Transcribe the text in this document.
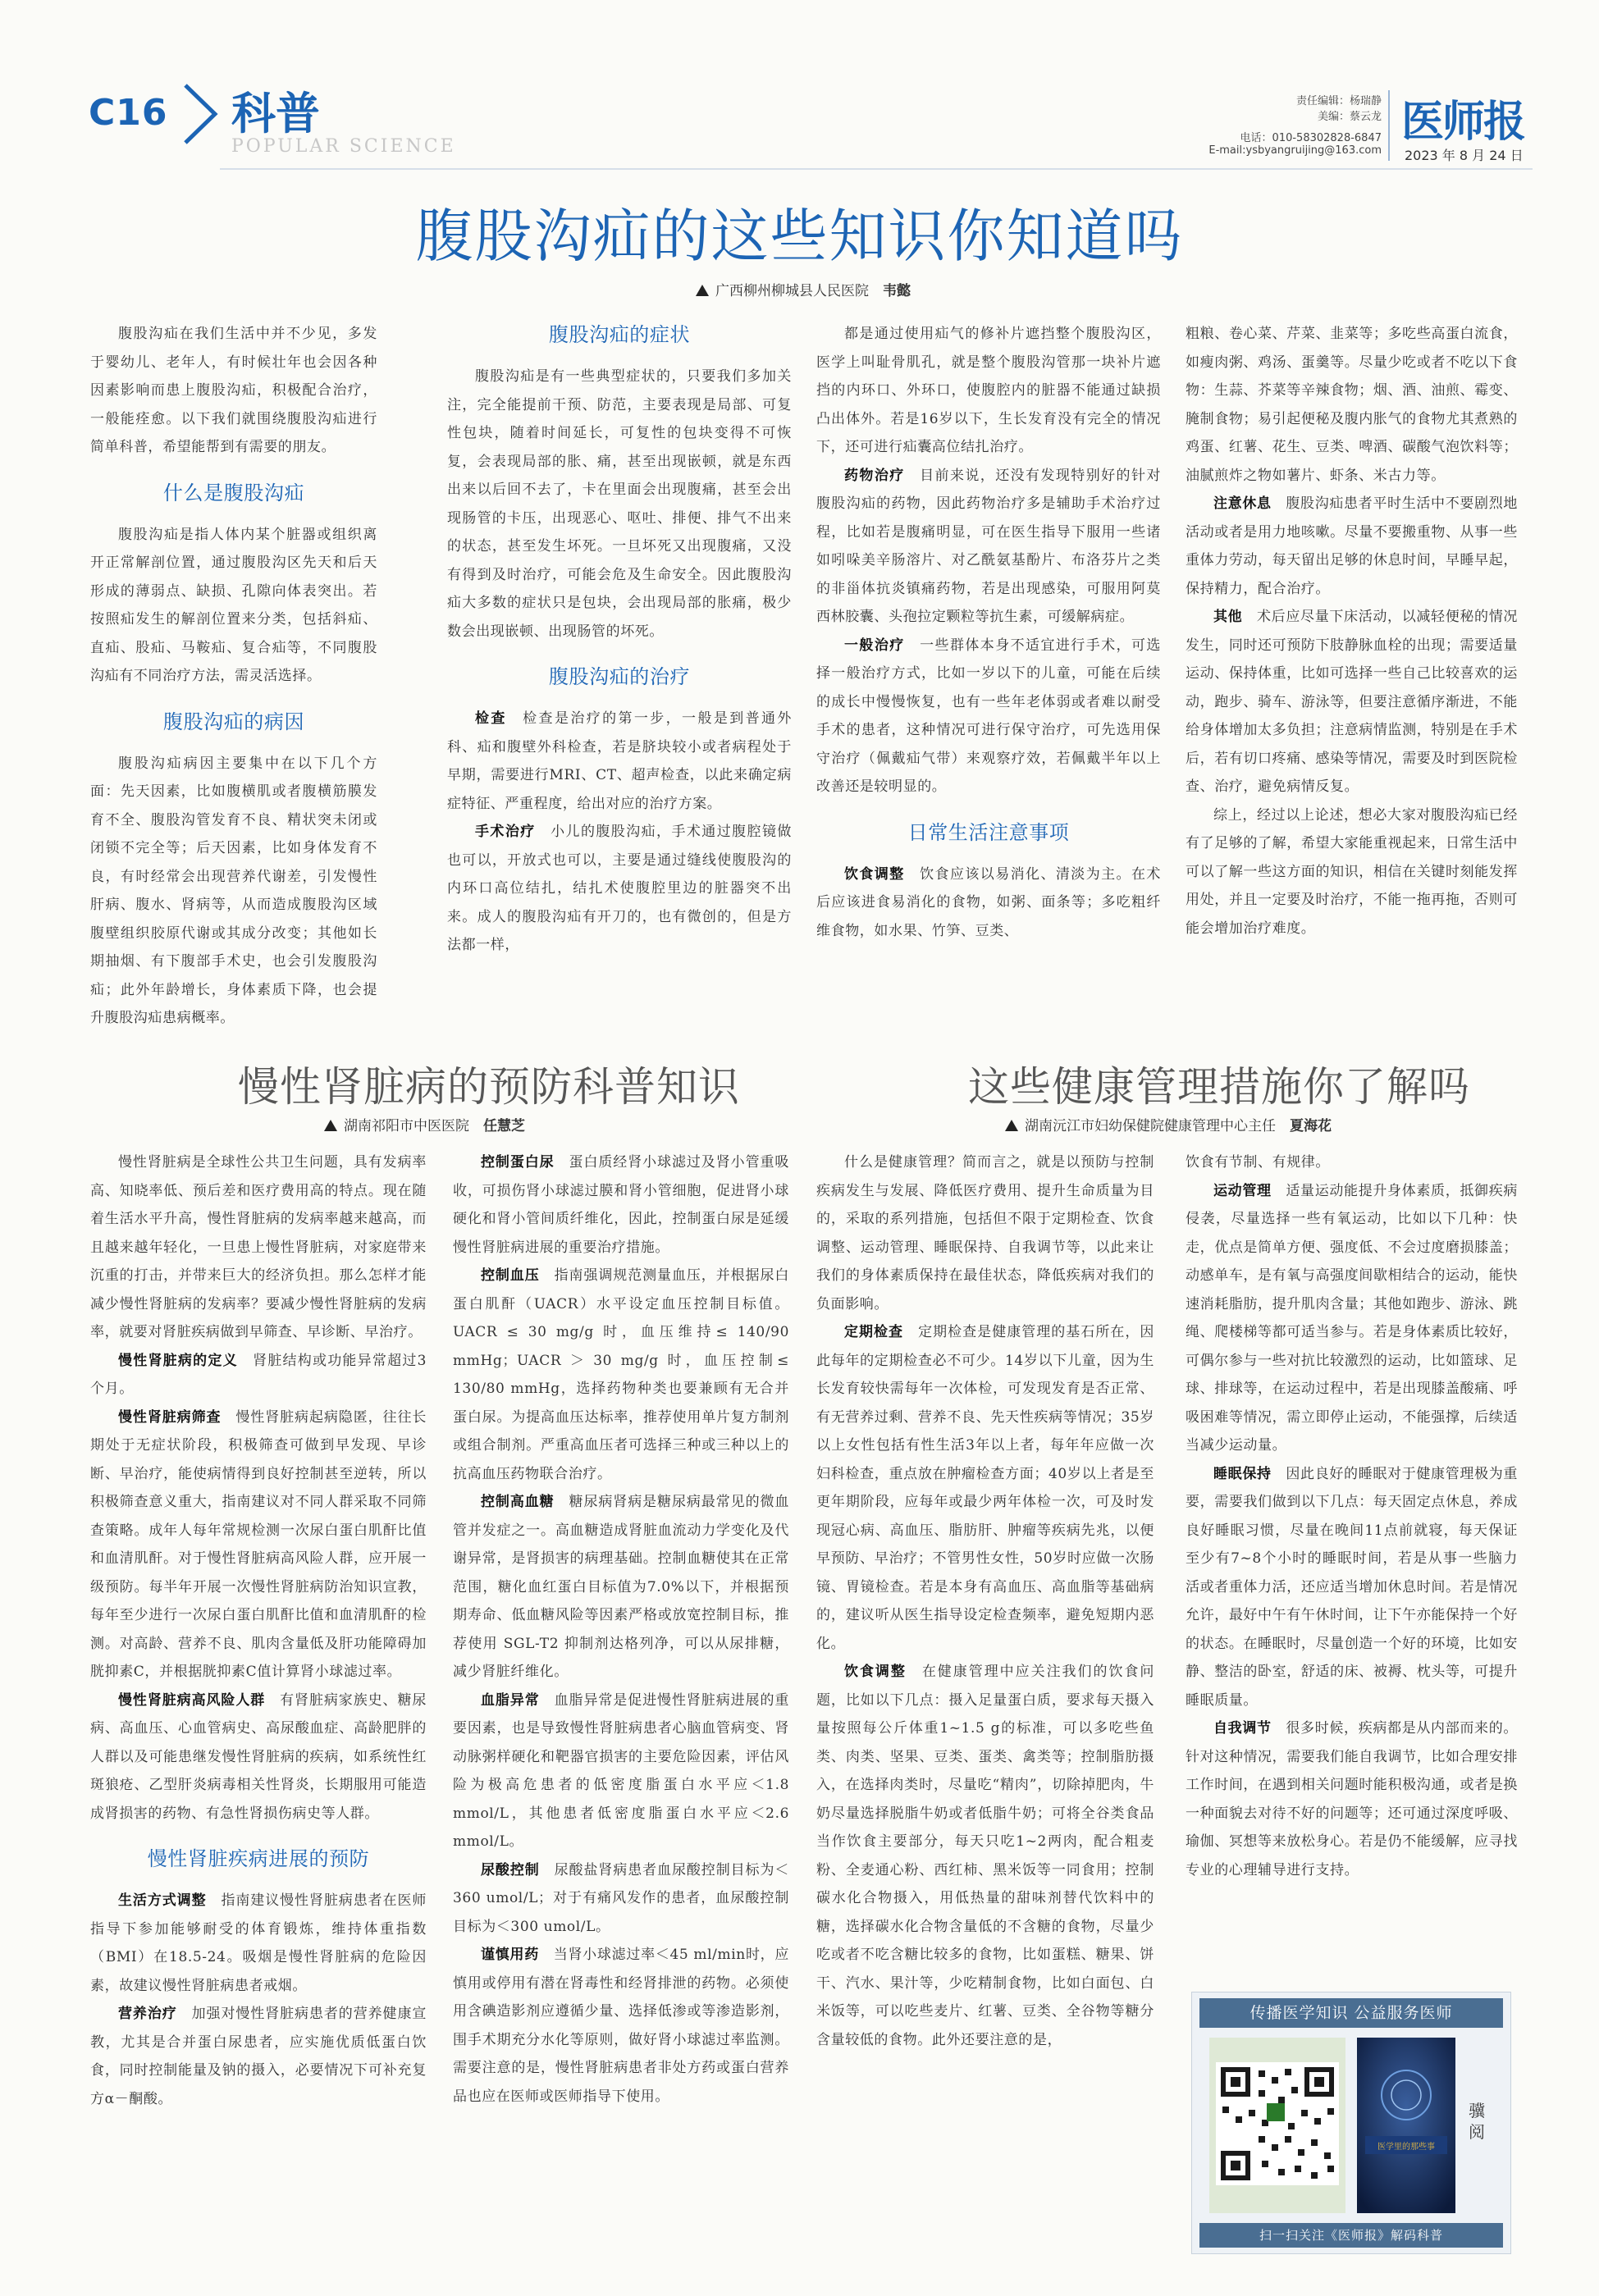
C16 科普
POPULAR SCIENCE
责任编辑：杨瑞静
美编：蔡云龙
电话：010-58302828-6847
E-mail:ysbyangruijing@163.com
医师报
2023 年 8 月 24 日
腹股沟疝的这些知识你知道吗
广西柳州柳城县人民医院　 韦懿

腹股沟疝在我们生活中并不少见，多发于婴幼儿、老年人，有时候壮年也会因各种因素影响而患上腹股沟疝，积极配合治疗，一般能痊愈。以下我们就围绕腹股沟疝进行简单科普，希望能帮到有需要的朋友。

什么是腹股沟疝

腹股沟疝是指人体内某个脏器或组织离开正常解剖位置，通过腹股沟区先天和后天形成的薄弱点、缺损、孔隙向体表突出。若按照疝发生的解剖位置来分类，包括斜疝、直疝、股疝、马鞍疝、复合疝等，不同腹股沟疝有不同治疗方法，需灵活选择。

腹股沟疝的病因

腹股沟疝病因主要集中在以下几个方面：先天因素，比如腹横肌或者腹横筋膜发育不全、腹股沟管发育不良、精状突未闭或闭锁不完全等；后天因素，比如身体发育不良，有时经常会出现营养代谢差，引发慢性肝病、腹水、肾病等，从而造成腹股沟区域腹壁组织胶原代谢或其成分改变；其他如长期抽烟、有下腹部手术史，也会引发腹股沟疝；此外年龄增长，身体素质下降，也会提升腹股沟疝患病概率。

腹股沟疝的症状

腹股沟疝是有一些典型症状的，只要我们多加关注，完全能提前干预、防范，主要表现是局部、可复性包块，随着时间延长，可复性的包块变得不可恢复，会表现局部的胀、痛，甚至出现嵌顿，就是东西出来以后回不去了，卡在里面会出现腹痛，甚至会出现肠管的卡压，出现恶心、呕吐、排便、排气不出来的状态，甚至发生坏死。一旦坏死又出现腹痛，又没有得到及时治疗，可能会危及生命安全。因此腹股沟疝大多数的症状只是包块，会出现局部的胀痛，极少数会出现嵌顿、出现肠管的坏死。

腹股沟疝的治疗

检查　 检查是治疗的第一步，一般是到普通外科、疝和腹壁外科检查，若是脐块较小或者病程处于早期，需要进行MRI、CT、超声检查，以此来确定病症特征、严重程度，给出对应的治疗方案。

手术治疗　 小儿的腹股沟疝，手术通过腹腔镜做也可以，开放式也可以，主要是通过缝线使腹股沟的内环口高位结扎，结扎术使腹腔里边的脏器突不出来。成人的腹股沟疝有开刀的，也有微创的，但是方法都一样，

都是通过使用疝气的修补片遮挡整个腹股沟区，医学上叫耻骨肌孔，就是整个腹股沟管那一块补片遮挡的内环口、外环口，使腹腔内的脏器不能通过缺损凸出体外。若是16岁以下，生长发育没有完全的情况下，还可进行疝囊高位结扎治疗。

药物治疗　 目前来说，还没有发现特别好的针对腹股沟疝的药物，因此药物治疗多是辅助手术治疗过程，比如若是腹痛明显，可在医生指导下服用一些诸如吲哚美辛肠溶片、对乙酰氨基酚片、布洛芬片之类的非甾体抗炎镇痛药物，若是出现感染，可服用阿莫西林胶囊、头孢拉定颗粒等抗生素，可缓解病症。

一般治疗　 一些群体本身不适宜进行手术，可选择一般治疗方式，比如一岁以下的儿童，可能在后续的成长中慢慢恢复，也有一些年老体弱或者难以耐受手术的患者，这种情况可进行保守治疗，可先选用保守治疗（佩戴疝气带）来观察疗效，若佩戴半年以上改善还是较明显的。

日常生活注意事项

饮食调整　 饮食应该以易消化、清淡为主。在术后应该进食易消化的食物，如粥、面条等；多吃粗纤维食物，如水果、竹笋、豆类、

粗粮、卷心菜、芹菜、韭菜等；多吃些高蛋白流食，如瘦肉粥、鸡汤、蛋羹等。尽量少吃或者不吃以下食物：生蒜、芥菜等辛辣食物；烟、酒、油煎、霉变、腌制食物；易引起便秘及腹内胀气的食物尤其煮熟的鸡蛋、红薯、花生、豆类、啤酒、碳酸气泡饮料等；油腻煎炸之物如薯片、虾条、米古力等。

注意休息　 腹股沟疝患者平时生活中不要剧烈地活动或者是用力地咳嗽。尽量不要搬重物、从事一些重体力劳动，每天留出足够的休息时间，早睡早起，保持精力，配合治疗。

其他　 术后应尽量下床活动，以减轻便秘的情况发生，同时还可预防下肢静脉血栓的出现；需要适量运动、保持体重，比如可选择一些自己比较喜欢的运动，跑步、骑车、游泳等，但要注意循序渐进，不能给身体增加太多负担；注意病情监测，特别是在手术后，若有切口疼痛、感染等情况，需要及时到医院检查、治疗，避免病情反复。

综上，经过以上论述，想必大家对腹股沟疝已经有了足够的了解，希望大家能重视起来，日常生活中可以了解一些这方面的知识，相信在关键时刻能发挥用处，并且一定要及时治疗，不能一拖再拖，否则可能会增加治疗难度。

慢性肾脏病的预防科普知识
湖南祁阳市中医医院　 任慧芝

慢性肾脏病是全球性公共卫生问题，具有发病率高、知晓率低、预后差和医疗费用高的特点。现在随着生活水平升高，慢性肾脏病的发病率越来越高，而且越来越年轻化，一旦患上慢性肾脏病，对家庭带来沉重的打击，并带来巨大的经济负担。那么怎样才能减少慢性肾脏病的发病率？要减少慢性肾脏病的发病率，就要对肾脏疾病做到早筛查、早诊断、早治疗。

慢性肾脏病的定义　 肾脏结构或功能异常超过3个月。

慢性肾脏病筛查　 慢性肾脏病起病隐匿，往往长期处于无症状阶段，积极筛查可做到早发现、早诊断、早治疗，能使病情得到良好控制甚至逆转，所以积极筛查意义重大，指南建议对不同人群采取不同筛查策略。成年人每年常规检测一次尿白蛋白肌酐比值和血清肌酐。对于慢性肾脏病高风险人群，应开展一级预防。每半年开展一次慢性肾脏病防治知识宣教，每年至少进行一次尿白蛋白肌酐比值和血清肌酐的检测。对高龄、营养不良、肌肉含量低及肝功能障碍加胱抑素C，并根据胱抑素C值计算肾小球滤过率。

慢性肾脏病高风险人群　 有肾脏病家族史、糖尿病、高血压、心血管病史、高尿酸血症、高龄肥胖的人群以及可能患继发慢性肾脏病的疾病，如系统性红斑狼疮、乙型肝炎病毒相关性肾炎，长期服用可能造成肾损害的药物、有急性肾损伤病史等人群。

慢性肾脏疾病进展的预防

生活方式调整　 指南建议慢性肾脏病患者在医师指导下参加能够耐受的体育锻炼，维持体重指数（BMI）在18.5-24。吸烟是慢性肾脏病的危险因素，故建议慢性肾脏病患者戒烟。

营养治疗　 加强对慢性肾脏病患者的营养健康宣教，尤其是合并蛋白尿患者，应实施优质低蛋白饮食，同时控制能量及钠的摄入，必要情况下可补充复方α－酮酸。

控制蛋白尿　 蛋白质经肾小球滤过及肾小管重吸收，可损伤肾小球滤过膜和肾小管细胞，促进肾小球硬化和肾小管间质纤维化，因此，控制蛋白尿是延缓慢性肾脏病进展的重要治疗措施。

控制血压　 指南强调规范测量血压，并根据尿白蛋白肌酐（UACR）水平设定血压控制目标值。UACR ≤ 30 mg/g 时，血压维持≤ 140/90 mmHg；UACR ＞ 30 mg/g 时，血压控制≤ 130/80 mmHg，选择药物种类也要兼顾有无合并蛋白尿。为提高血压达标率，推荐使用单片复方制剂或组合制剂。严重高血压者可选择三种或三种以上的抗高血压药物联合治疗。

控制高血糖　 糖尿病肾病是糖尿病最常见的微血管并发症之一。高血糖造成肾脏血流动力学变化及代谢异常，是肾损害的病理基础。控制血糖使其在正常范围，糖化血红蛋白目标值为7.0%以下，并根据预期寿命、低血糖风险等因素严格或放宽控制目标，推荐使用 SGL-T2 抑制剂达格列净，可以从尿排糖，减少肾脏纤维化。

血脂异常　 血脂异常是促进慢性肾脏病进展的重要因素，也是导致慢性肾脏病患者心脑血管病变、肾动脉粥样硬化和靶器官损害的主要危险因素，评估风险为极高危患者的低密度脂蛋白水平应＜1.8 mmol/L，其他患者低密度脂蛋白水平应＜2.6 mmol/L。

尿酸控制　 尿酸盐肾病患者血尿酸控制目标为＜360 umol/L；对于有痛风发作的患者，血尿酸控制目标为＜300 umol/L。

谨慎用药　 当肾小球滤过率＜45 ml/min时，应慎用或停用有潜在肾毒性和经肾排泄的药物。必须使用含碘造影剂应遵循少量、选择低渗或等渗造影剂，围手术期充分水化等原则，做好肾小球滤过率监测。需要注意的是，慢性肾脏病患者非处方药或蛋白营养品也应在医师或医师指导下使用。

这些健康管理措施你了解吗
湖南沅江市妇幼保健院健康管理中心主任　 夏海花

什么是健康管理？简而言之，就是以预防与控制疾病发生与发展、降低医疗费用、提升生命质量为目的，采取的系列措施，包括但不限于定期检查、饮食调整、运动管理、睡眠保持、自我调节等，以此来让我们的身体素质保持在最佳状态，降低疾病对我们的负面影响。

定期检查　 定期检查是健康管理的基石所在，因此每年的定期检查必不可少。14岁以下儿童，因为生长发育较快需每年一次体检，可发现发育是否正常、有无营养过剩、营养不良、先天性疾病等情况；35岁以上女性包括有性生活3年以上者，每年年应做一次妇科检查，重点放在肿瘤检查方面；40岁以上者是至更年期阶段，应每年或最少两年体检一次，可及时发现冠心病、高血压、脂肪肝、肿瘤等疾病先兆，以便早预防、早治疗；不管男性女性，50岁时应做一次肠镜、胃镜检查。若是本身有高血压、高血脂等基础病的，建议听从医生指导设定检查频率，避免短期内恶化。

饮食调整　 在健康管理中应关注我们的饮食问题，比如以下几点：摄入足量蛋白质，要求每天摄入量按照每公斤体重1~1.5 g的标准，可以多吃些鱼类、肉类、坚果、豆类、蛋类、禽类等；控制脂肪摄入，在选择肉类时，尽量吃“精肉”，切除掉肥肉，牛奶尽量选择脱脂牛奶或者低脂牛奶；可将全谷类食品当作饮食主要部分，每天只吃1~2两肉，配合粗麦粉、全麦通心粉、西红柿、黑米饭等一同食用；控制碳水化合物摄入，用低热量的甜味剂替代饮料中的糖，选择碳水化合物含量低的不含糖的食物，尽量少吃或者不吃含糖比较多的食物，比如蛋糕、糖果、饼干、汽水、果汁等，少吃精制食物，比如白面包、白米饭等，可以吃些麦片、红薯、豆类、全谷物等糖分含量较低的食物。此外还要注意的是，

饮食有节制、有规律。

运动管理　 适量运动能提升身体素质，抵御疾病侵袭，尽量选择一些有氧运动，比如以下几种：快走，优点是简单方便、强度低、不会过度磨损膝盖；动感单车，是有氧与高强度间歇相结合的运动，能快速消耗脂肪，提升肌肉含量；其他如跑步、游泳、跳绳、爬楼梯等都可适当参与。若是身体素质比较好，可偶尔参与一些对抗比较激烈的运动，比如篮球、足球、排球等，在运动过程中，若是出现膝盖酸痛、呼吸困难等情况，需立即停止运动，不能强撑，后续适当减少运动量。

睡眠保持　 因此良好的睡眠对于健康管理极为重要，需要我们做到以下几点：每天固定点休息，养成良好睡眠习惯，尽量在晚间11点前就寝，每天保证至少有7~8个小时的睡眠时间，若是从事一些脑力活或者重体力活，还应适当增加休息时间。若是情况允许，最好中午有午休时间，让下午亦能保持一个好的状态。在睡眠时，尽量创造一个好的环境，比如安静、整洁的卧室，舒适的床、被褥、枕头等，可提升睡眠质量。

自我调节　 很多时候，疾病都是从内部而来的。针对这种情况，需要我们能自我调节，比如合理安排工作时间，在遇到相关问题时能积极沟通，或者是换一种面貌去对待不好的问题等；还可通过深度呼吸、瑜伽、冥想等来放松身心。若是仍不能缓解，应寻找专业的心理辅导进行支持。

传播医学知识 公益服务医师
医学里的那些事
骥阅
扫一扫关注《医师报》解码科普
